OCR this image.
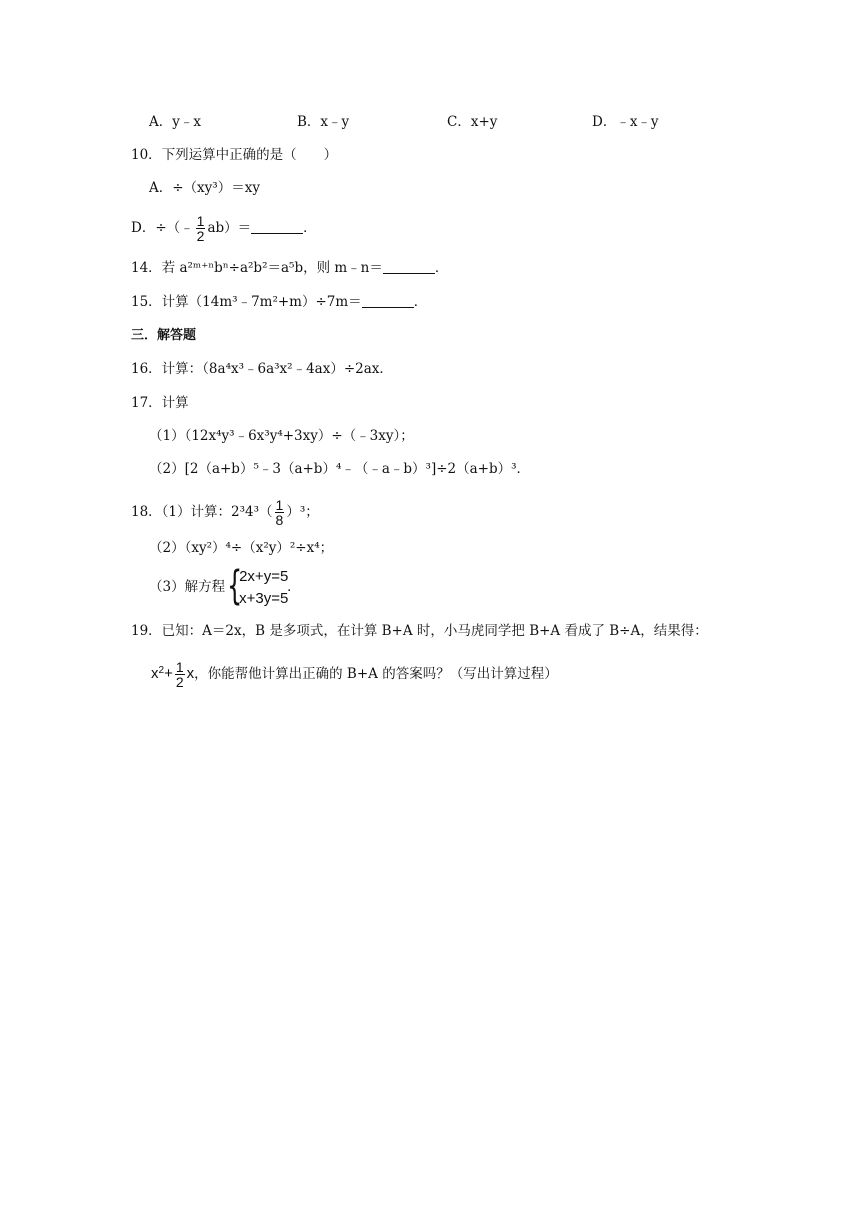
A．y﹣x	B．x﹣y	C．x+y	D．﹣x﹣y
10．下列运算中正确的是（　　）
A．÷（xy³）＝xy
D．÷（﹣ $\frac{1}{2} ab)=$	．
14．若 a²ᵐ⁺ⁿbⁿ÷a²b²＝a⁵b，则 m﹣n＝	．
15．计算（14m³﹣7m²+m）÷7m＝	．
三．解答题
16．计算：（8a⁴x³﹣6a³x²﹣4ax）÷2ax．
17．计算
（1）（12x⁴y³﹣6x³y⁴+3xy）÷（﹣3xy）；
（2）[2（a+b）⁵﹣3（a+b）⁴﹣（﹣a﹣b）³]÷2（a+b）³．
18．（1）计算：$2^34^3( \frac{1}{8} )^3$；
（2）（xy²）⁴÷（x²y）²÷x⁴；
（3）解方程 {
2x+y=5
x+3y=5
．
19．已知：A＝2x，B 是多项式，在计算 B+A 时，小马虎同学把 B+A 看成了 B÷A，结果得：
$x^2+ \frac{1}{2}$ x，你能帮他计算出正确的 B+A 的答案吗？（写出计算过程）
